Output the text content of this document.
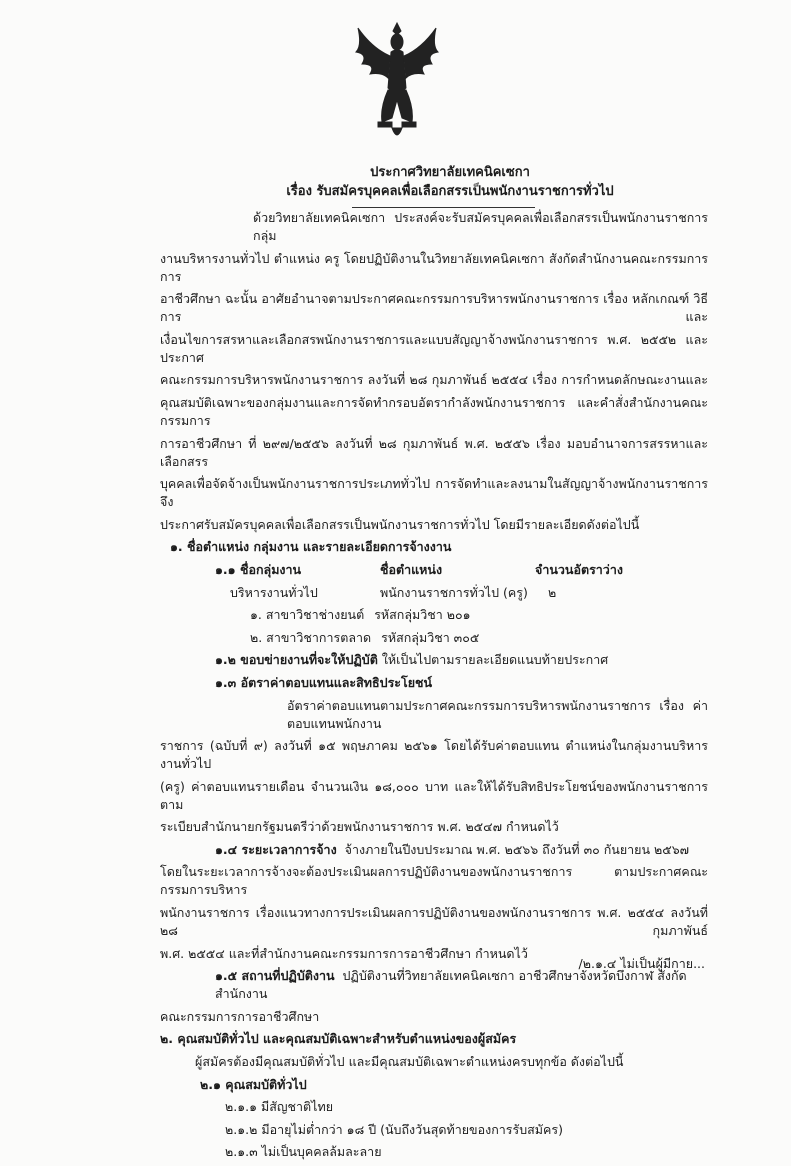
ประกาศวิทยาลัยเทคนิคเซกา
เรื่อง รับสมัครบุคคลเพื่อเลือกสรรเป็นพนักงานราชการทั่วไป
ด้วยวิทยาลัยเทคนิคเซกา ประสงค์จะรับสมัครบุคคลเพื่อเลือกสรรเป็นพนักงานราชการ กลุ่ม
งานบริหารงานทั่วไป ตำแหน่ง ครู โดยปฏิบัติงานในวิทยาลัยเทคนิคเซกา สังกัดสำนักงานคณะกรรมการการ
อาชีวศึกษา ฉะนั้น อาศัยอำนาจตามประกาศคณะกรรมการบริหารพนักงานราชการ เรื่อง หลักเกณฑ์ วิธีการ และ
เงื่อนไขการสรหาและเลือกสรพนักงานราชการและแบบสัญญาจ้างพนักงานราชการ พ.ศ. ๒๕๕๒ และประกาศ
คณะกรรมการบริหารพนักงานราชการ ลงวันที่ ๒๘ กุมภาพันธ์ ๒๕๕๔ เรื่อง การกำหนดลักษณะงานและ
คุณสมบัติเฉพาะของกลุ่มงานและการจัดทำกรอบอัตรากำลังพนักงานราชการ และคำสั่งสำนักงานคณะกรรมการ
การอาชีวศึกษา ที่ ๒๙๗/๒๕๕๖ ลงวันที่ ๒๘ กุมภาพันธ์ พ.ศ. ๒๕๕๖ เรื่อง มอบอำนาจการสรรหาและเลือกสรร
บุคคลเพื่อจัดจ้างเป็นพนักงานราชการประเภททั่วไป การจัดทำและลงนามในสัญญาจ้างพนักงานราชการจึง
ประกาศรับสมัครบุคคลเพื่อเลือกสรรเป็นพนักงานราชการทั่วไป โดยมีรายละเอียดดังต่อไปนี้
๑. ชื่อตำแหน่ง กลุ่มงาน และรายละเอียดการจ้างงาน
๑.๑ ชื่อกลุ่มงาน	ชื่อตำแหน่ง	จำนวนอัตราว่าง
บริหารงานทั่วไป	พนักงานราชการทั่วไป (ครู)	๒
๑. สาขาวิชาช่างยนต์ รหัสกลุ่มวิชา ๒๐๑
๒. สาขาวิชาการตลาด รหัสกลุ่มวิชา ๓๐๕
๑.๒ ขอบข่ายงานที่จะให้ปฏิบัติ ให้เป็นไปตามรายละเอียดแนบท้ายประกาศ
๑.๓ อัตราค่าตอบแทนและสิทธิประโยชน์
อัตราค่าตอบแทนตามประกาศคณะกรรมการบริหารพนักงานราชการ เรื่อง ค่าตอบแทนพนักงาน
ราชการ (ฉบับที่ ๙) ลงวันที่ ๑๕ พฤษภาคม ๒๕๖๑ โดยได้รับค่าตอบแทน ตำแหน่งในกลุ่มงานบริหารงานทั่วไป
(ครู) ค่าตอบแทนรายเดือน จำนวนเงิน ๑๘,๐๐๐ บาท และให้ได้รับสิทธิประโยชน์ของพนักงานราชการ ตาม
ระเบียบสำนักนายกรัฐมนตรีว่าด้วยพนักงานราชการ พ.ศ. ๒๕๔๗ กำหนดไว้
๑.๔ ระยะเวลาการจ้าง จ้างภายในปีงบประมาณ พ.ศ. ๒๕๖๖ ถึงวันที่ ๓๐ กันยายน ๒๕๖๗
โดยในระยะเวลาการจ้างจะต้องประเมินผลการปฏิบัติงานของพนักงานราชการ ตามประกาศคณะกรรมการบริหาร
พนักงานราชการ เรื่องแนวทางการประเมินผลการปฏิบัติงานของพนักงานราชการ พ.ศ. ๒๕๕๔ ลงวันที่ ๒๘ กุมภาพันธ์
พ.ศ. ๒๕๕๔ และที่สำนักงานคณะกรรมการการอาชีวศึกษา กำหนดไว้
๑.๕ สถานที่ปฏิบัติงาน ปฏิบัติงานที่วิทยาลัยเทคนิคเซกา อาชีวศึกษาจังหวัดบึงกาฬ สังกัดสำนักงาน
คณะกรรมการการอาชีวศึกษา
๒. คุณสมบัติทั่วไป และคุณสมบัติเฉพาะสำหรับตำแหน่งของผู้สมัคร
ผู้สมัครต้องมีคุณสมบัติทั่วไป และมีคุณสมบัติเฉพาะตำแหน่งครบทุกข้อ ดังต่อไปนี้
๒.๑ คุณสมบัติทั่วไป
๒.๑.๑ มีสัญชาติไทย
๒.๑.๒ มีอายุไม่ต่ำกว่า ๑๘ ปี (นับถึงวันสุดท้ายของการรับสมัคร)
๒.๑.๓ ไม่เป็นบุคคลล้มละลาย
/๒.๑.๔ ไม่เป็นผู้มีกาย...
